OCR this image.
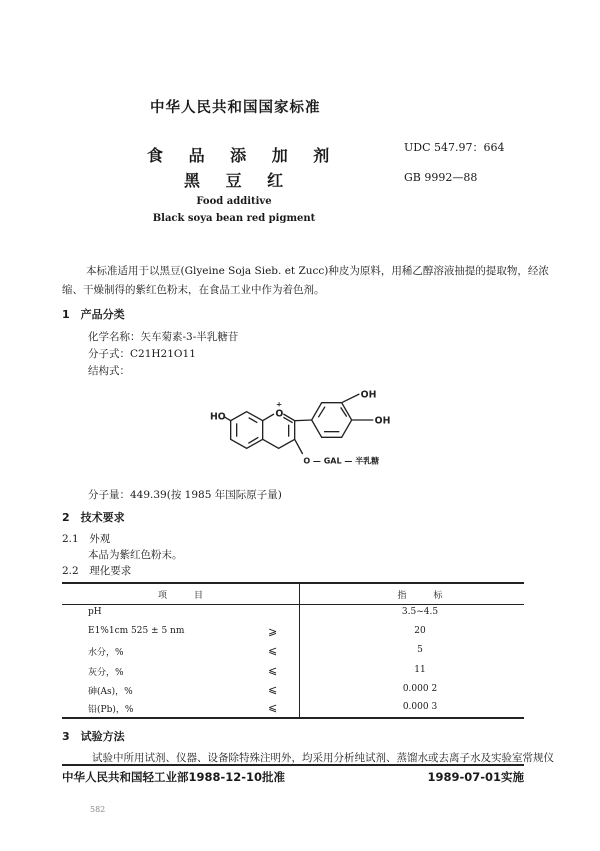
中华人民共和国国家标准
食 品 添 加 剂
黑 豆 红
UDC 547.97：664
GB 9992—88
Food additive
Black soya bean red pigment
本标准适用于以黑豆(Glyeine Soja Sieb. et Zucc)种皮为原料，用稀乙醇溶液抽提的提取物，经浓
缩、干燥制得的紫红色粉末，在食品工业中作为着色剂。
1　产品分类
化学名称：矢车菊素-3-半乳糖苷
分子式：C21H21O11
结构式：
HO O
+
OH
OH
O — GAL — 半乳糖
分子量：449.39(按 1985 年国际原子量)
2　技术要求
2.1　外观
本品为紫红色粉末。
2.2　理化要求
项　　　目	指　　　标
pH	3.5~4.5
E1%1cm 525 ± 5 nm	⩾	20
水分，%	⩽	5
灰分，%	⩽	11
砷(As)，%	⩽	0.000 2
铅(Pb)，%	⩽	0.000 3
3　试验方法
试验中所用试剂、仪器、设备除特殊注明外，均采用分析纯试剂、蒸馏水或去离子水及实验室常规仪
中华人民共和国轻工业部1988-12-10批准	1989-07-01实施
582
